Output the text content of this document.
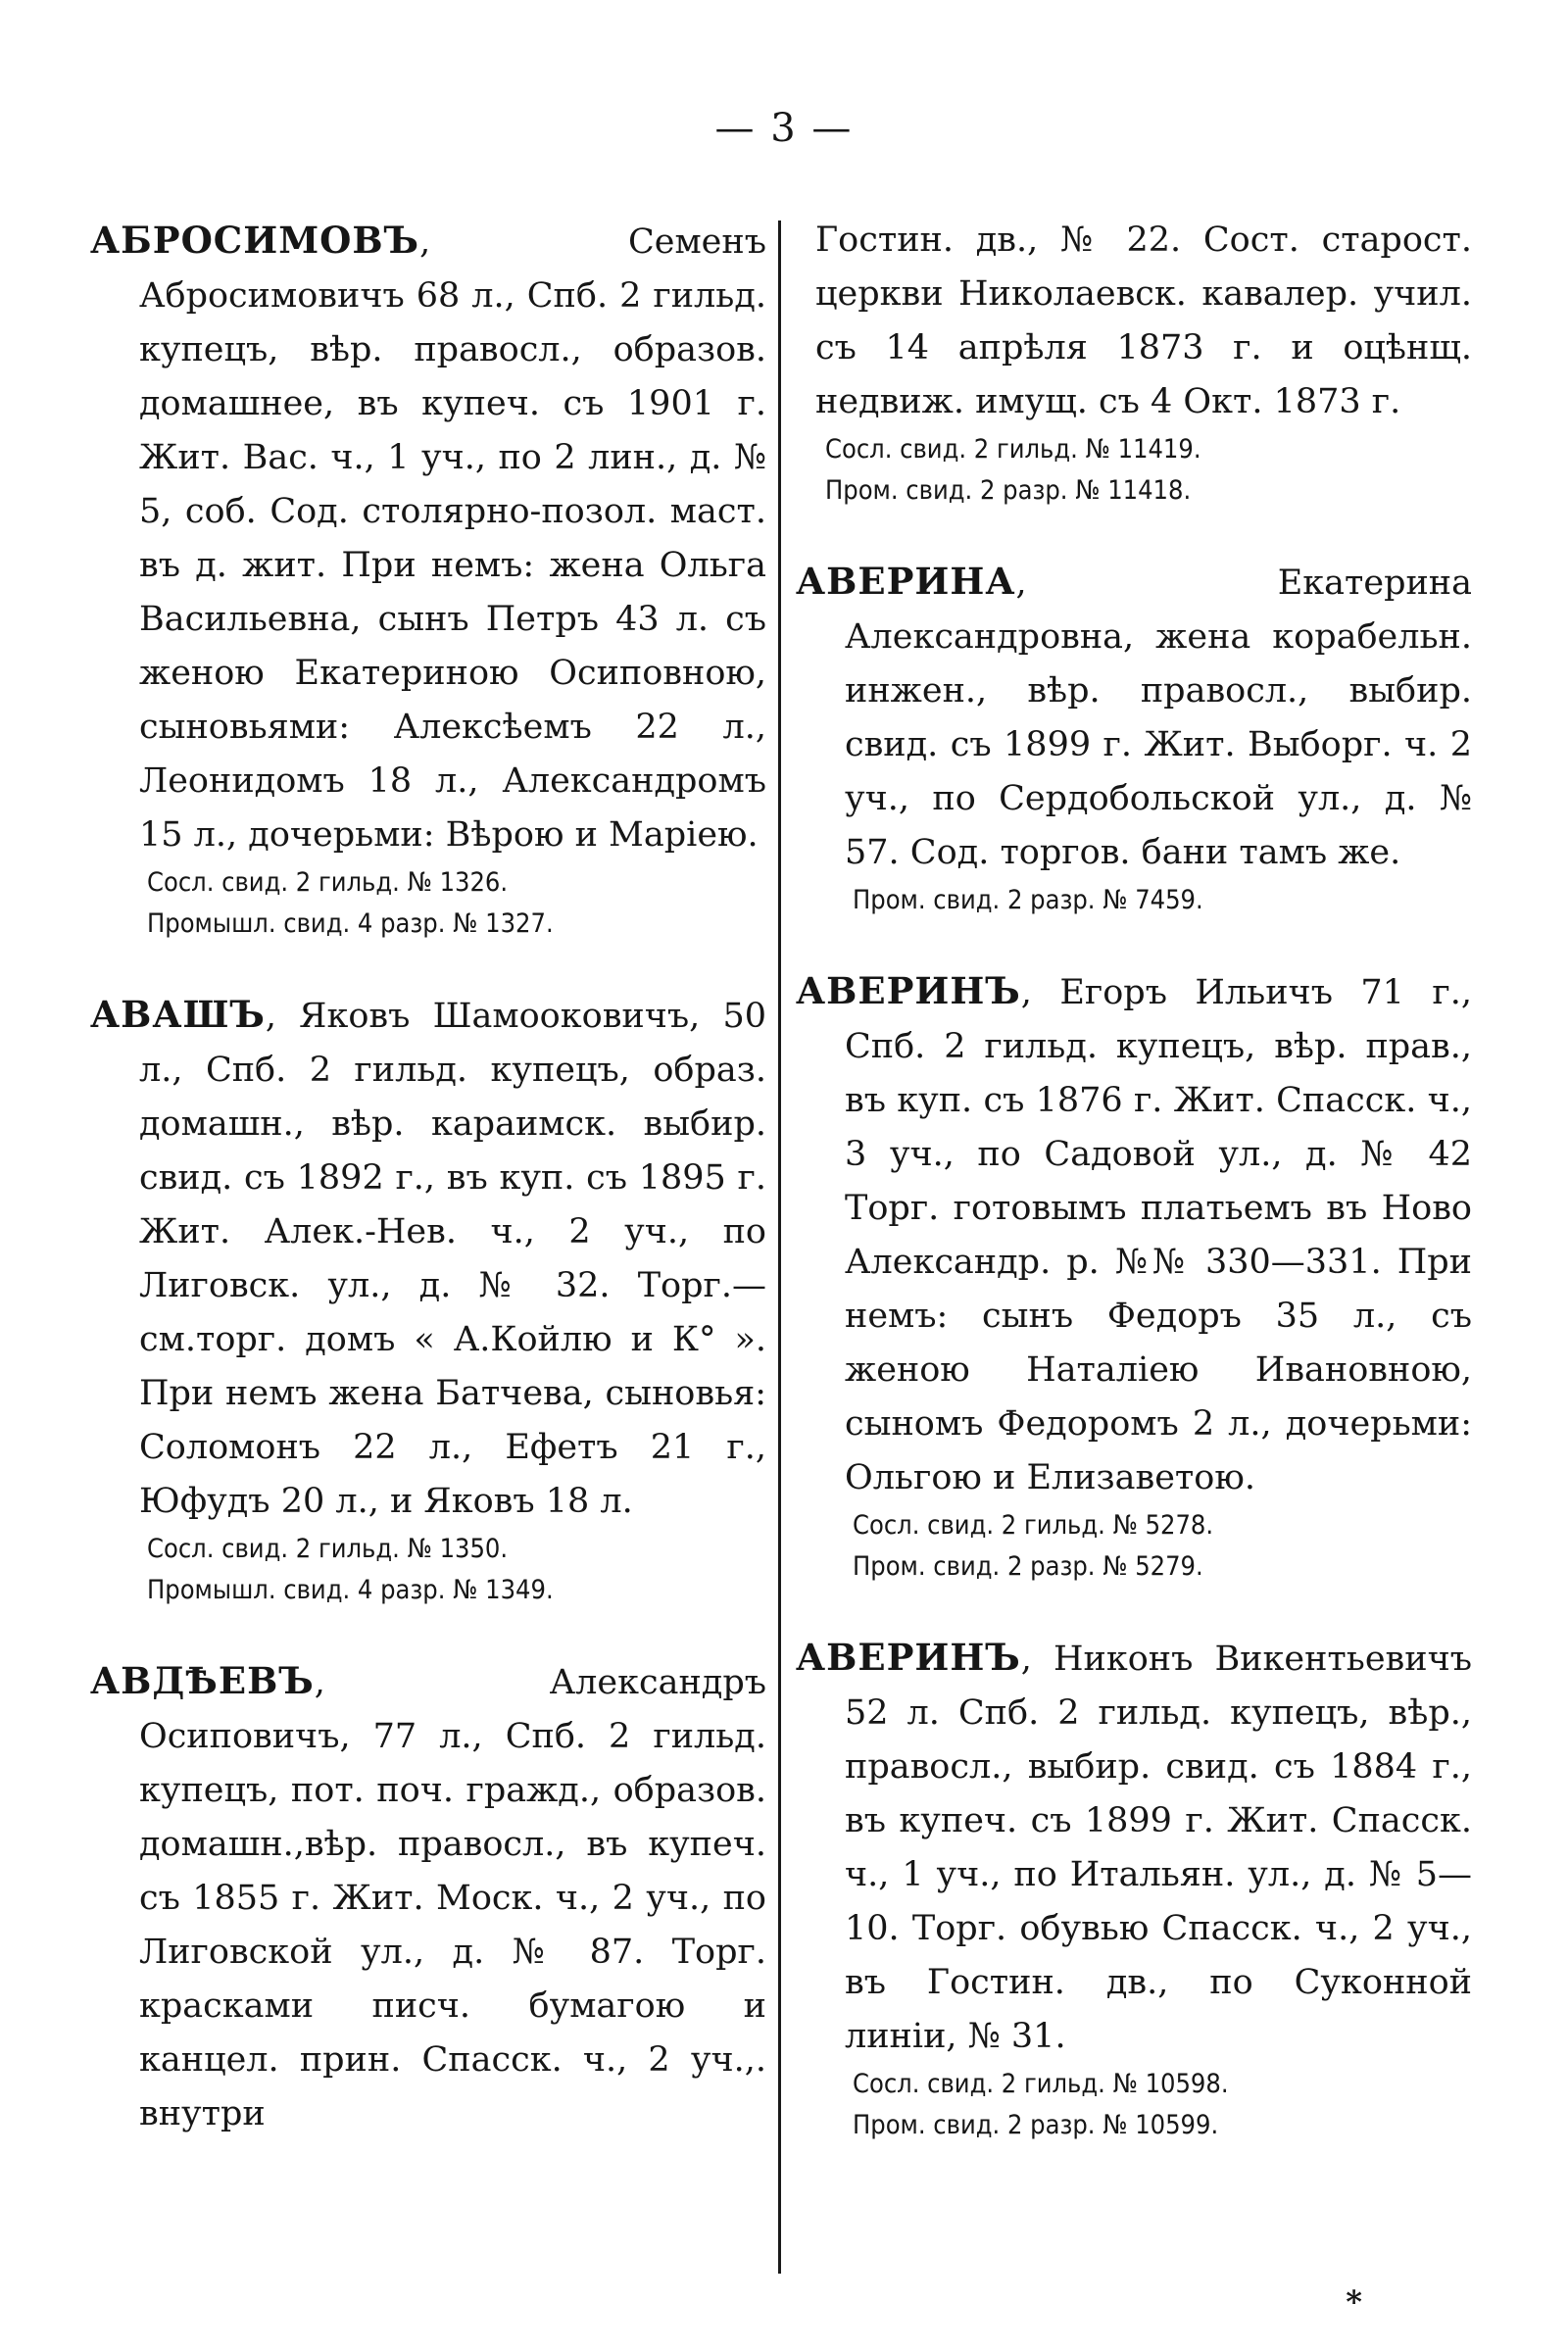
— 3 —

АБРОСИМОВЪ, Семенъ Абросимовичъ 68 л., Спб. 2 гильд. купецъ, вѣр. правосл., образов. домашнее, въ купеч. съ 1901 г. Жит. Вас. ч., 1 уч., по 2 лин., д. № 5, соб. Сод. столярно-позол. маст. въ д. жит. При немъ: жена Ольга Васильевна, сынъ Петръ 43 л. съ женою Екатериною Осиповною, сыновьями: Алексѣемъ 22 л., Леонидомъ 18 л., Александромъ 15 л., дочерьми: Вѣрою и Маріею.

Сосл. свид. 2 гильд. № 1326.

Промышл. свид. 4 разр. № 1327.

АВАШЪ, Яковъ Шамооковичъ, 50 л., Спб. 2 гильд. купецъ, образ. домашн., вѣр. караимск. выбир. свид. съ 1892 г., въ куп. съ 1895 г. Жит. Алек.-Нев. ч., 2 уч., по Лиговск. ул., д. № 32. Торг.—см.торг. домъ « А.Койлю и К° ». При немъ жена Батчева, сыновья: Соломонъ 22 л., Ефетъ 21 г., Юфудъ 20 л., и Яковъ 18 л.

Сосл. свид. 2 гильд. № 1350.

Промышл. свид. 4 разр. № 1349.

АВДѢЕВЪ, Александръ Осиповичъ, 77 л., Спб. 2 гильд. купецъ, пот. поч. гражд., образов. домашн.,вѣр. правосл., въ купеч. съ 1855 г. Жит. Моск. ч., 2 уч., по Лиговской ул., д. № 87. Торг. красками писч. бумагою и канцел. прин. Спасск. ч., 2 уч.,. внутри

Гостин. дв., № 22. Сост. старост. церкви Николаевск. кавалер. учил. съ 14 апрѣля 1873 г. и оцѣнщ. недвиж. имущ. съ 4 Окт. 1873 г.

Сосл. свид. 2 гильд. № 11419.

Пром. свид. 2 разр. № 11418.

АВЕРИНА, Екатерина Александровна, жена корабельн. инжен., вѣр. правосл., выбир. свид. съ 1899 г. Жит. Выборг. ч. 2 уч., по Сердобольской ул., д. № 57. Сод. торгов. бани тамъ же.

Пром. свид. 2 разр. № 7459.

АВЕРИНЪ, Егоръ Ильичъ 71 г., Спб. 2 гильд. купецъ, вѣр. прав., въ куп. съ 1876 г. Жит. Спасск. ч., 3 уч., по Садовой ул., д. № 42 Торг. готовымъ платьемъ въ Ново Александр. р. №№ 330—331. При немъ: сынъ Федоръ 35 л., съ женою Наталіею Ивановною, сыномъ Федоромъ 2 л., дочерьми: Ольгою и Елизаветою.

Сосл. свид. 2 гильд. № 5278.

Пром. свид. 2 разр. № 5279.

АВЕРИНЪ, Никонъ Викентьевичъ 52 л. Спб. 2 гильд. купецъ, вѣр., правосл., выбир. свид. съ 1884 г., въ купеч. съ 1899 г. Жит. Спасск. ч., 1 уч., по Итальян. ул., д. № 5—10. Торг. обувью Спасск. ч., 2 уч., въ Гостин. дв., по Суконной линіи, № 31.

Сосл. свид. 2 гильд. № 10598.

Пром. свид. 2 разр. № 10599.

*
